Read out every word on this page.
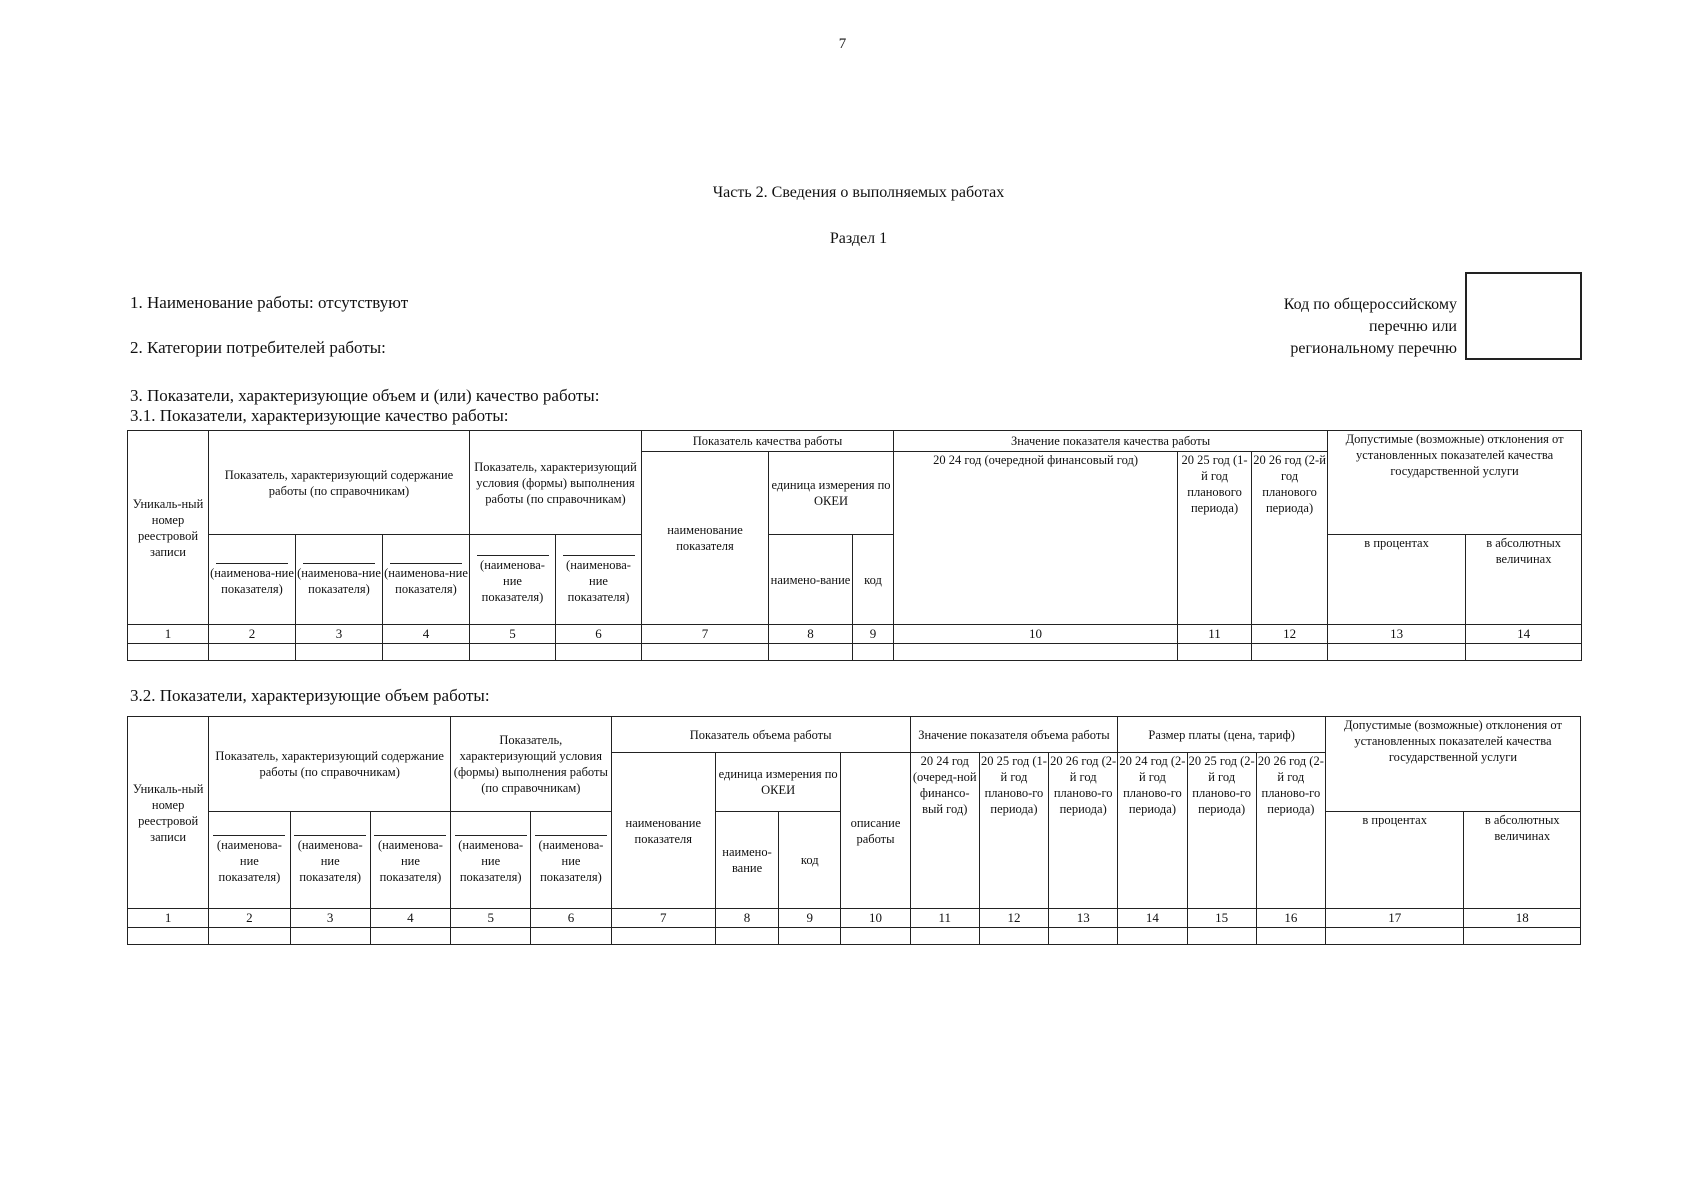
7
Часть 2. Сведения о выполняемых работах
Раздел 1
1. Наименование работы: отсутствуют
2. Категории потребителей работы:
Код по общероссийскому
перечню или
региональному перечню
3. Показатели, характеризующие объем и (или) качество работы:
3.1. Показатели, характеризующие качество работы:
Уникаль-ный номер реестровой записи	Показатель, характеризующий содержание работы (по справочникам)			Показатель, характеризующий условия (формы) выполнения работы (по справочникам)		Показатель качества работы			Значение показателя качества работы			Допустимые (возможные) отклонения от установленных показателей качества государственной услуги	
						наименование показателя	единица измерения по ОКЕИ		20 24 год (очередной финансовый год)	20 25 год (1-й год планового периода)	20 26 год (2-й год планового периода)		

(наименова-ние показателя)	(наименова-ние показателя)	(наименова-ние показателя)	(наименова-ние показателя)	(наименова-ние показателя)		наимено-вание	код				в процентах	в абсолютных величинах
1	2	3	4	5	6	7	8	9	10	11	12	13	14

3.2. Показатели, характеризующие объем работы:
Уникаль-ный номер реестровой записи	Показатель, характеризующий содержание работы (по справочникам)			Показатель, характеризующий условия (формы) выполнения работы (по справочникам)		Показатель объема работы				Значение показателя объема работы			Размер платы (цена, тариф)			Допустимые (возможные) отклонения от установленных показателей качества государственной услуги	
						наименование показателя	единица измерения по ОКЕИ		описание работы	20 24 год (очеред-ной финансо-вый год)	20 25 год (1-й год планово-го периода)	20 26 год (2-й год планово-го периода)	20 24 год (2-й год планово-го периода)	20 25 год (2-й год планово-го периода)	20 26 год (2-й год планово-го периода)		

(наименова-ние показателя)	(наименова-ние показателя)	(наименова-ние показателя)	(наименова-ние показателя)	(наименова-ние показателя)		наимено-вание	код								в процентах	в абсолютных величинах
1	2	3	4	5	6	7	8	9	10	11	12	13	14	15	16	17	18
